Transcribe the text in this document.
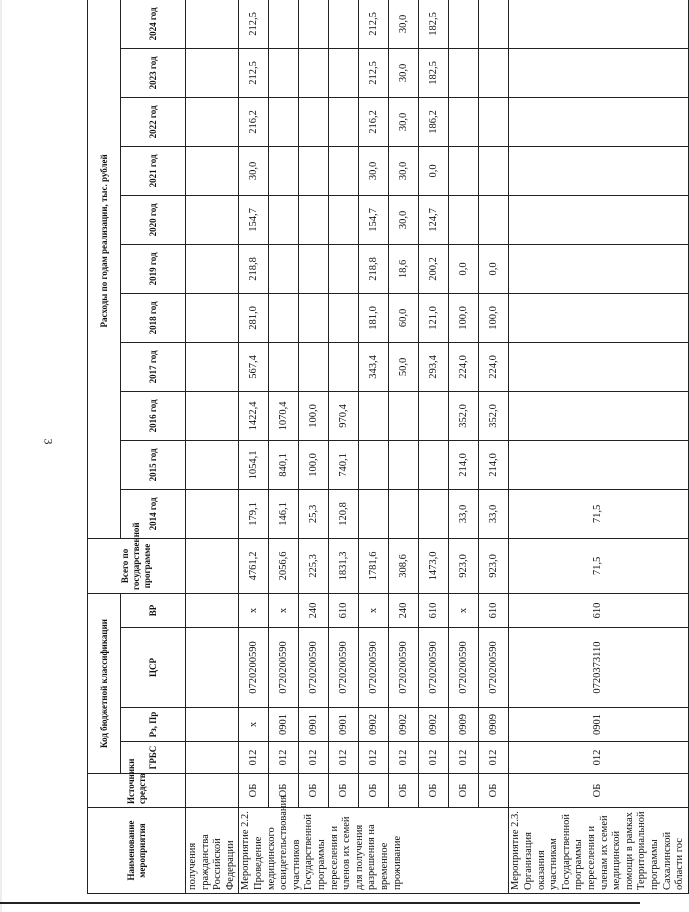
3
Наименование мероприятия	Источники средств	Код бюджетной классификации				Всего по государственной программе	Расходы по годам реализации, тыс. рублей											
		ГРБС	Рз, Пр	ЦСР	ВР		2014 год	2015 год	2016 год	2017 год	2018 год	2019 год	2020 год	2021 год	2022 год	2023 год	2024 год	
получения гражданства Российской Федерации																		
Мероприятие 2.2. Проведение медицинского освидетельствования участников Государственной программы переселения и членов их семей для получения разрешения на временное проживание	ОБ	012	x	0720200590	x	4761,2	179,1	1054,1	1422,4	567,4	281,0	218,8	154,7	30,0	216,2	212,5	212,5	
	ОБ	012	0901	0720200590	x	2056,6	146,1	840,1	1070,4									
	ОБ	012	0901	0720200590	240	225,3	25,3	100,0	100,0									
	ОБ	012	0901	0720200590	610	1831,3	120,8	740,1	970,4									
	ОБ	012	0902	0720200590	x	1781,6				343,4	181,0	218,8	154,7	30,0	216,2	212,5	212,5	
	ОБ	012	0902	0720200590	240	308,6				50,0	60,0	18,6	30,0	30,0	30,0	30,0	30,0	
	ОБ	012	0902	0720200590	610	1473,0				293,4	121,0	200,2	124,7	0,0	186,2	182,5	182,5	
	ОБ	012	0909	0720200590	x	923,0	33,0	214,0	352,0	224,0	100,0	0,0						
	ОБ	012	0909	0720200590	610	923,0	33,0	214,0	352,0	224,0	100,0	0,0						
Мероприятие 2.3. Организация оказания участникам Государственной программы переселения и членам их семей медицинской помощи в рамках Территориальной программы Сахалинской области гос	ОБ	012	0901	0720373110	610	71,5	71,5											
